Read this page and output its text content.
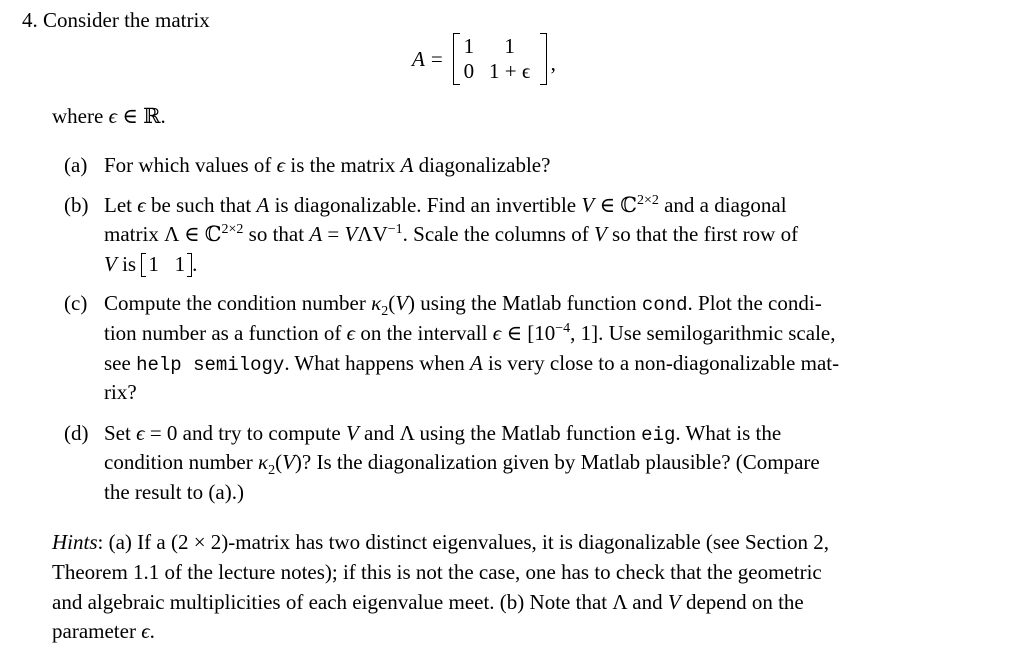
4. Consider the matrix
A =
1	1
0 1 + ϵ ,
where ϵ ∈ ℝ.
(a) For which values of ϵ is the matrix A diagonalizable?
(b) Let ϵ be such that A is diagonalizable. Find an invertible V ∈ ℂ$^{2\times 2}$ and a diagonal
matrix Λ ∈ ℂ$^{2\times 2}$ so that $A = V\Lambda V^{-1}$. Scale the columns of V so that the first row of
V is 1   1 .
(c) Compute the condition number $\kappa_2(V)$ using the Matlab function cond. Plot the condi-
tion number as a function of ϵ on the intervall ϵ ∈ [$10^{-4}$, 1]. Use semilogarithmic scale,
see help semilogy. What happens when A is very close to a non-diagonalizable mat-
rix?
(d) Set ϵ = 0 and try to compute V and Λ using the Matlab function eig. What is the
condition number $\kappa_2(V)$? Is the diagonalization given by Matlab plausible? (Compare
the result to (a).)
Hints: (a) If a (2 × 2)-matrix has two distinct eigenvalues, it is diagonalizable (see Section 2,
Theorem 1.1 of the lecture notes); if this is not the case, one has to check that the geometric
and algebraic multiplicities of each eigenvalue meet. (b) Note that Λ and V depend on the
parameter ϵ.
